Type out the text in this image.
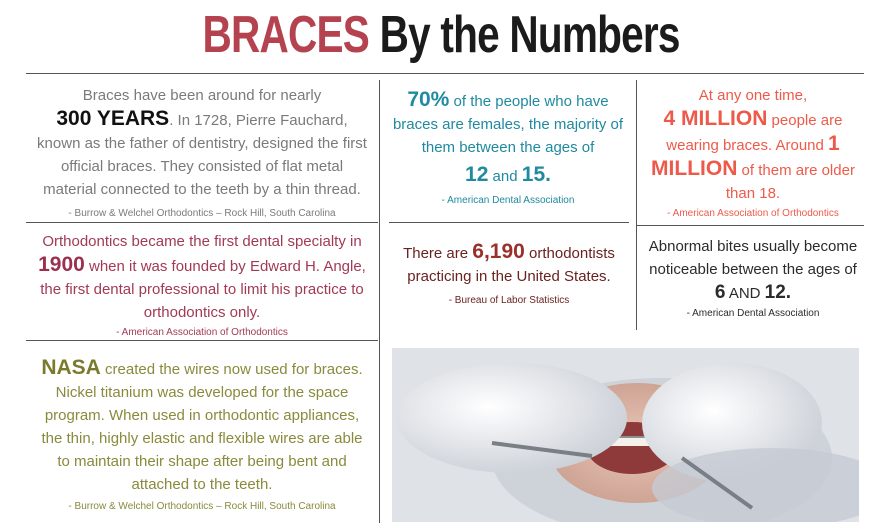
BRACES By the Numbers
Braces have been around for nearly
300 YEARS. In 1728, Pierre Fauchard, known as the father of dentistry, designed the first official braces. They consisted of flat metal material connected to the teeth by a thin thread.
- Burrow & Welchel Orthodontics – Rock Hill, South Carolina
70% of the people who have braces are females, the majority of them between the ages of
12 and 15.
- American Dental Association
At any one time,
4 MILLION people are wearing braces. Around 1 MILLION of them are older than 18.
- American Association of Orthodontics
Orthodontics became the first dental specialty in
1900 when it was founded by Edward H. Angle, the first dental professional to limit his practice to orthodontics only.
- American Association of Orthodontics
There are 6,190 orthodontists practicing in the United States.
- Bureau of Labor Statistics
Abnormal bites usually become noticeable between the ages of 6 AND 12.
- American Dental Association
NASA created the wires now used for braces. Nickel titanium was developed for the space program. When used in orthodontic appliances, the thin, highly elastic and flexible wires are able to maintain their shape after being bent and attached to the teeth.
- Burrow & Welchel Orthodontics – Rock Hill, South Carolina
